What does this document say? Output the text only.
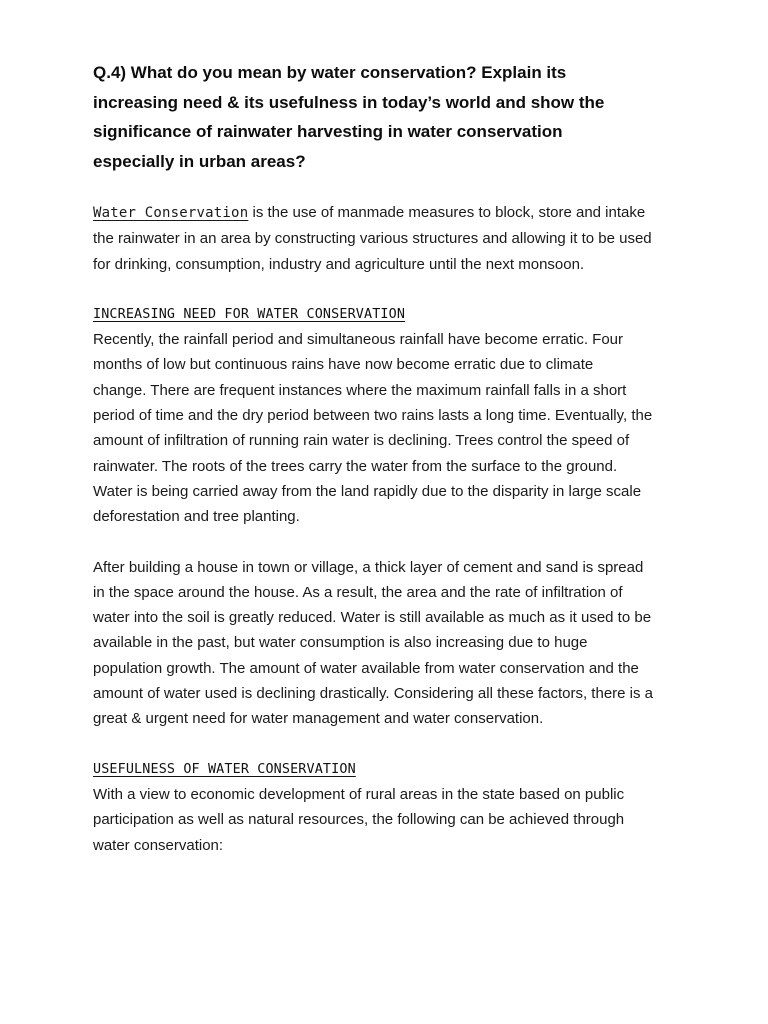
Q.4) What do you mean by water conservation? Explain its
increasing need & its usefulness in today’s world and show the
significance of rainwater harvesting in water conservation
especially in urban areas?
Water Conservation is the use of manmade measures to block, store and intake
the rainwater in an area by constructing various structures and allowing it to be used
for drinking, consumption, industry and agriculture until the next monsoon.
INCREASING NEED FOR WATER CONSERVATION
Recently, the rainfall period and simultaneous rainfall have become erratic. Four
months of low but continuous rains have now become erratic due to climate
change. There are frequent instances where the maximum rainfall falls in a short
period of time and the dry period between two rains lasts a long time. Eventually, the
amount of infiltration of running rain water is declining. Trees control the speed of
rainwater. The roots of the trees carry the water from the surface to the ground.
Water is being carried away from the land rapidly due to the disparity in large scale
deforestation and tree planting.
After building a house in town or village, a thick layer of cement and sand is spread
in the space around the house. As a result, the area and the rate of infiltration of
water into the soil is greatly reduced. Water is still available as much as it used to be
available in the past, but water consumption is also increasing due to huge
population growth. The amount of water available from water conservation and the
amount of water used is declining drastically. Considering all these factors, there is a
great & urgent need for water management and water conservation.
USEFULNESS OF WATER CONSERVATION
With a view to economic development of rural areas in the state based on public
participation as well as natural resources, the following can be achieved through
water conservation:
